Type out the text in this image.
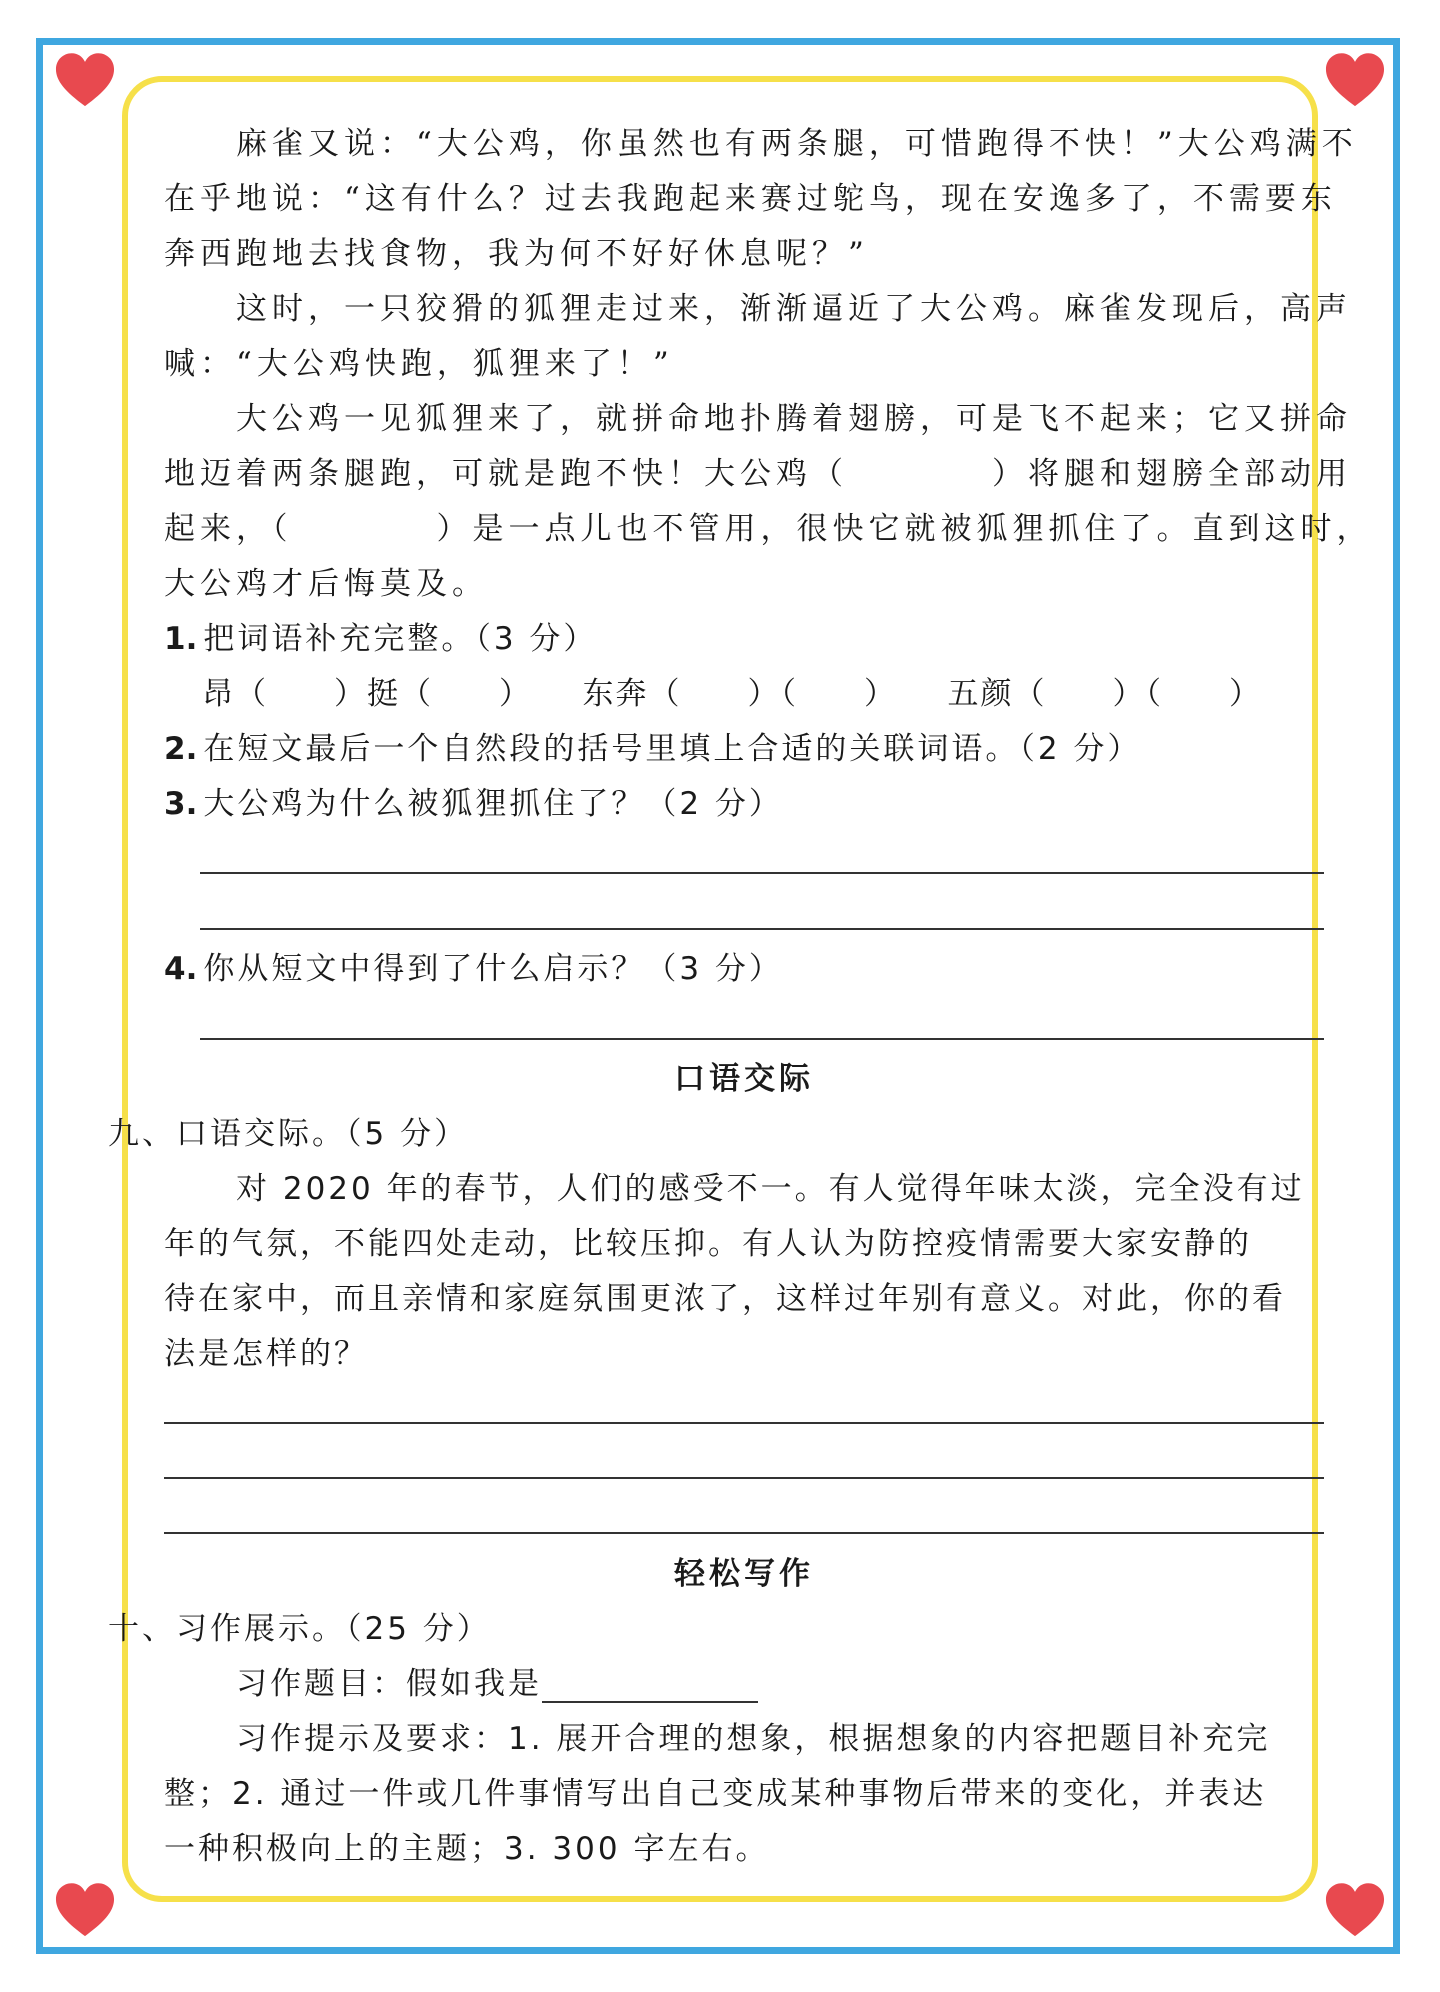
麻雀又说：“大公鸡，你虽然也有两条腿，可惜跑得不快！”大公鸡满不
在乎地说：“这有什么？过去我跑起来赛过鸵鸟，现在安逸多了，不需要东
奔西跑地去找食物，我为何不好好休息呢？”
这时，一只狡猾的狐狸走过来，渐渐逼近了大公鸡。麻雀发现后，高声
喊：“大公鸡快跑，狐狸来了！”
大公鸡一见狐狸来了，就拼命地扑腾着翅膀，可是飞不起来；它又拼命
地迈着两条腿跑，可就是跑不快！大公鸡（　　　　）将腿和翅膀全部动用
起来，（　　　　）是一点儿也不管用，很快它就被狐狸抓住了。直到这时，
大公鸡才后悔莫及。
1. 把词语补充完整。（3 分）
昂（　　）挺（　　）　　东奔（　　）（　　）　　五颜（　　）（　　）
2. 在短文最后一个自然段的括号里填上合适的关联词语。（2 分）
3. 大公鸡为什么被狐狸抓住了？（2 分）
4. 你从短文中得到了什么启示？（3 分）
口语交际
九、口语交际。（5 分）
对 2020 年的春节，人们的感受不一。有人觉得年味太淡，完全没有过
年的气氛，不能四处走动，比较压抑。有人认为防控疫情需要大家安静的
待在家中，而且亲情和家庭氛围更浓了，这样过年别有意义。对此，你的看
法是怎样的？
轻松写作
十、习作展示。（25 分）
习作题目：假如我是
习作提示及要求：1. 展开合理的想象，根据想象的内容把题目补充完
整；2. 通过一件或几件事情写出自己变成某种事物后带来的变化，并表达
一种积极向上的主题；3. 300 字左右。
